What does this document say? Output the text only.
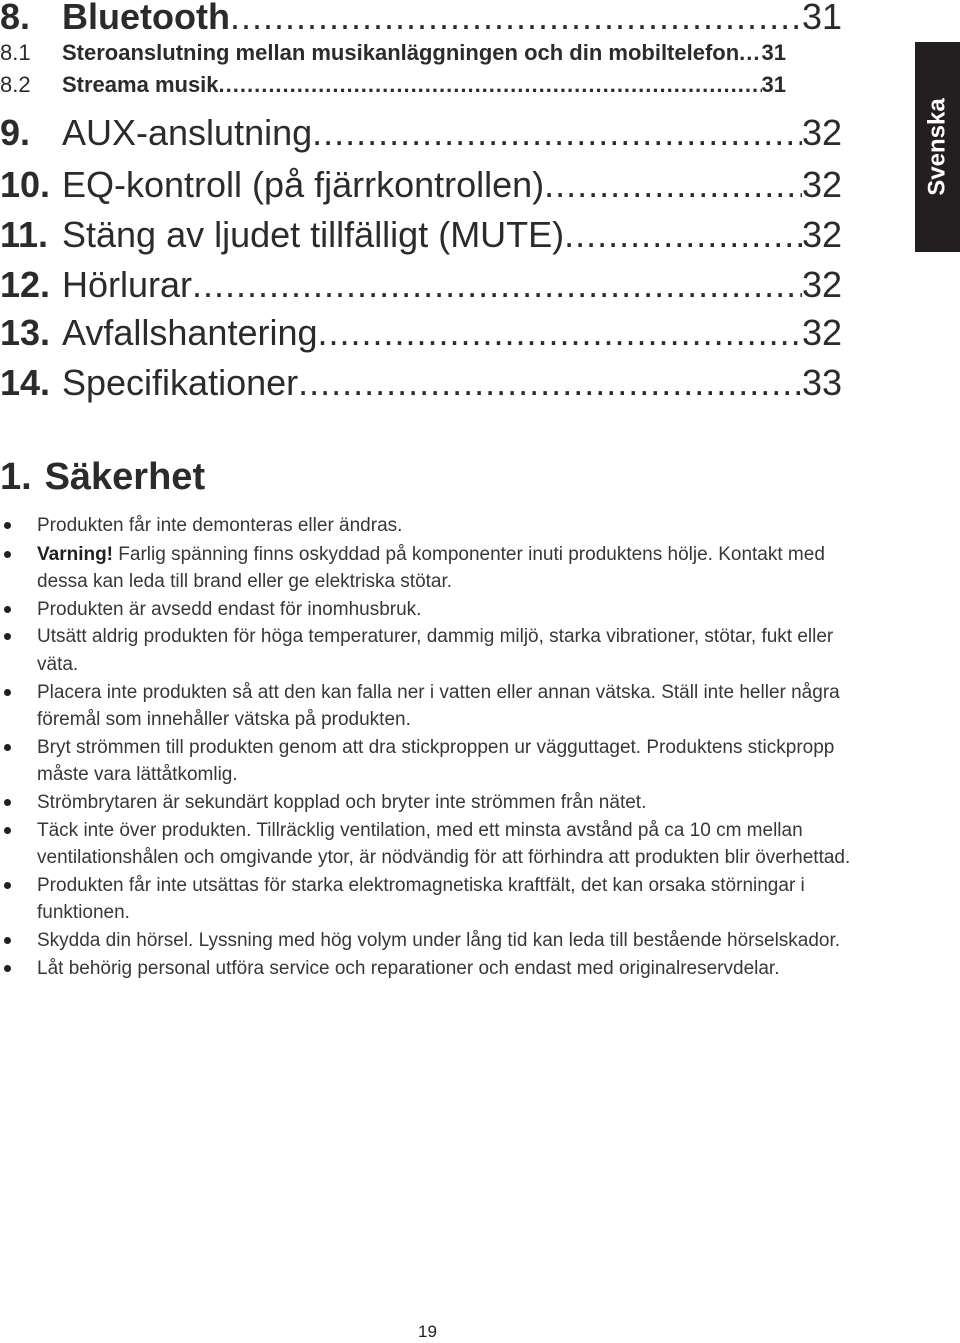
8. Bluetooth .....	31
8.1	Steroanslutning mellan musikanläggningen och din mobiltelefon ..... 31
8.2	Streama musik .....	31
9. AUX-anslutning .....	32
10. EQ-kontroll (på fjärrkontrollen) .....	32
11. Stäng av ljudet tillfälligt (MUTE) .....	32
12. Hörlurar .....	32
13. Avfallshantering .....	32
14. Specifikationer .....	33
Svenska
1. Säkerhet
Produkten får inte demonteras eller ändras.
Varning! Farlig spänning finns oskyddad på komponenter inuti produktens hölje. Kontakt med dessa kan leda till brand eller ge elektriska stötar.
Produkten är avsedd endast för inomhusbruk.
Utsätt aldrig produkten för höga temperaturer, dammig miljö, starka vibrationer, stötar, fukt eller väta.
Placera inte produkten så att den kan falla ner i vatten eller annan vätska. Ställ inte heller några föremål som innehåller vätska på produkten.
Bryt strömmen till produkten genom att dra stickproppen ur vägguttaget. Produktens stickpropp måste vara lättåtkomlig.
Strömbrytaren är sekundärt kopplad och bryter inte strömmen från nätet.
Täck inte över produkten. Tillräcklig ventilation, med ett minsta avstånd på ca 10 cm mellan ventilationshålen och omgivande ytor, är nödvändig för att förhindra att produkten blir överhettad.
Produkten får inte utsättas för starka elektromagnetiska kraftfält, det kan orsaka störningar i funktionen.
Skydda din hörsel. Lyssning med hög volym under lång tid kan leda till bestående hörselskador.
Låt behörig personal utföra service och reparationer och endast med originalreservdelar.
19
